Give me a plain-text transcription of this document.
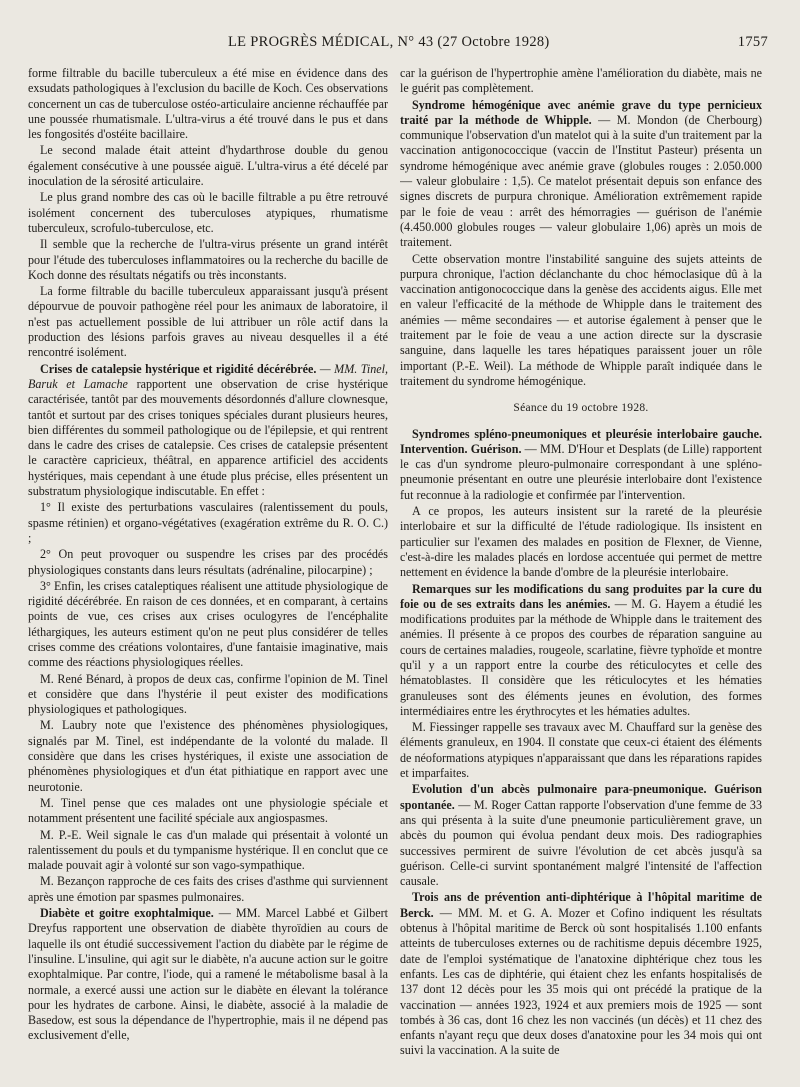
LE PROGRÈS MÉDICAL, N° 43 (27 Octobre 1928)	1757

forme filtrable du bacille tuberculeux a été mise en évidence dans des exsudats pathologiques à l'exclusion du bacille de Koch. Ces observations concernent un cas de tuberculose ostéo-articulaire ancienne réchauffée par une poussée rhumatismale. L'ultra-virus a été trouvé dans le pus et dans les fongosités d'ostéite bacillaire.

Le second malade était atteint d'hydarthrose double du genou également consécutive à une poussée aiguë. L'ultra-virus a été décelé par inoculation de la sérosité articulaire.

Le plus grand nombre des cas où le bacille filtrable a pu être retrouvé isolément concernent des tuberculoses atypiques, rhumatisme tuberculeux, scrofulo-tuberculose, etc.

Il semble que la recherche de l'ultra-virus présente un grand intérêt pour l'étude des tuberculoses inflammatoires ou la recherche du bacille de Koch donne des résultats négatifs ou très inconstants.

La forme filtrable du bacille tuberculeux apparaissant jusqu'à présent dépourvue de pouvoir pathogène réel pour les animaux de laboratoire, il n'est pas actuellement possible de lui attribuer un rôle actif dans la production des lésions parfois graves au niveau desquelles il a été rencontré isolément.

Crises de catalepsie hystérique et rigidité décérébrée. — MM. Tinel, Baruk et Lamache rapportent une observation de crise hystérique caractérisée, tantôt par des mouvements désordonnés d'allure clownesque, tantôt et surtout par des crises toniques spéciales durant plusieurs heures, bien différentes du sommeil pathologique ou de l'épilepsie, et qui rentrent dans le cadre des crises de catalepsie. Ces crises de catalepsie présentent le caractère capricieux, théâtral, en apparence artificiel des accidents hystériques, mais cependant à une étude plus précise, elles présentent un substratum physiologique indiscutable. En effet :

1° Il existe des perturbations vasculaires (ralentissement du pouls, spasme rétinien) et organo-végétatives (exagération extrême du R. O. C.) ;

2° On peut provoquer ou suspendre les crises par des procédés physiologiques constants dans leurs résultats (adrénaline, pilocarpine) ;

3° Enfin, les crises cataleptiques réalisent une attitude physiologique de rigidité décérébrée. En raison de ces données, et en comparant, à certains points de vue, ces crises aux crises oculogyres de l'encéphalite léthargiques, les auteurs estiment qu'on ne peut plus considérer de telles crises comme des créations volontaires, d'une fantaisie imaginative, mais comme des réactions physiologiques réelles.

M. René Bénard, à propos de deux cas, confirme l'opinion de M. Tinel et considère que dans l'hystérie il peut exister des modifications physiologiques et pathologiques.

M. Laubry note que l'existence des phénomènes physiologiques, signalés par M. Tinel, est indépendante de la volonté du malade. Il considère que dans les crises hystériques, il existe une association de phénomènes physiologiques et d'un état pithiatique en rapport avec une neurotonie.

M. Tinel pense que ces malades ont une physiologie spéciale et notamment présentent une facilité spéciale aux angiospasmes.

M. P.-E. Weil signale le cas d'un malade qui présentait à volonté un ralentissement du pouls et du tympanisme hystérique. Il en conclut que ce malade pouvait agir à volonté sur son vago-sympathique.

M. Bezançon rapproche de ces faits des crises d'asthme qui surviennent après une émotion par spasmes pulmonaires.

Diabète et goitre exophtalmique. — MM. Marcel Labbé et Gilbert Dreyfus rapportent une observation de diabète thyroïdien au cours de laquelle ils ont étudié successivement l'action du diabète par le régime de l'insuline. L'insuline, qui agit sur le diabète, n'a aucune action sur le goitre exophtalmique. Par contre, l'iode, qui a ramené le métabolisme basal à la normale, a exercé aussi une action sur le diabète en élevant la tolérance pour les hydrates de carbone. Ainsi, le diabète, associé à la maladie de Basedow, est sous la dépendance de l'hypertrophie, mais il ne dépend pas exclusivement d'elle,

car la guérison de l'hypertrophie amène l'amélioration du diabète, mais ne le guérit pas complètement.

Syndrome hémogénique avec anémie grave du type pernicieux traité par la méthode de Whipple. — M. Mondon (de Cherbourg) communique l'observation d'un matelot qui à la suite d'un traitement par la vaccination antigonococcique (vaccin de l'Institut Pasteur) présenta un syndrome hémogénique avec anémie grave (globules rouges : 2.050.000 — valeur globulaire : 1,5). Ce matelot présentait depuis son enfance des signes discrets de purpura chronique. Amélioration extrêmement rapide par le foie de veau : arrêt des hémorragies — guérison de l'anémie (4.450.000 globules rouges — valeur globulaire 1,06) après un mois de traitement.

Cette observation montre l'instabilité sanguine des sujets atteints de purpura chronique, l'action déclanchante du choc hémoclasique dû à la vaccination antigonococcique dans la genèse des accidents aigus. Elle met en valeur l'efficacité de la méthode de Whipple dans le traitement des anémies — même secondaires — et autorise également à penser que le traitement par le foie de veau a une action directe sur la dyscrasie sanguine, dans laquelle les tares hépatiques paraissent jouer un rôle important (P.-E. Weil). La méthode de Whipple paraît indiquée dans le traitement du syndrome hémogénique.

Séance du 19 octobre 1928.

Syndromes spléno-pneumoniques et pleurésie interlobaire gauche. Intervention. Guérison. — MM. D'Hour et Desplats (de Lille) rapportent le cas d'un syndrome pleuro-pulmonaire correspondant à une spléno-pneumonie présentant en outre une pleurésie interlobaire dont l'existence fut reconnue à la radiologie et confirmée par l'intervention.

A ce propos, les auteurs insistent sur la rareté de la pleurésie interlobaire et sur la difficulté de l'étude radiologique. Ils insistent en particulier sur l'examen des malades en position de Flexner, de Vienne, c'est-à-dire les malades placés en lordose accentuée qui permet de mettre nettement en évidence la bande d'ombre de la pleurésie interlobaire.

Remarques sur les modifications du sang produites par la cure du foie ou de ses extraits dans les anémies. — M. G. Hayem a étudié les modifications produites par la méthode de Whipple dans le traitement des anémies. Il présente à ce propos des courbes de réparation sanguine au cours de certaines maladies, rougeole, scarlatine, fièvre typhoïde et montre qu'il y a un rapport entre la courbe des réticulocytes et celle des hématoblastes. Il considère que les réticulocytes et les hématies granuleuses sont des éléments jeunes en évolution, des formes intermédiaires entre les érythrocytes et les hématies adultes.

M. Fiessinger rappelle ses travaux avec M. Chauffard sur la genèse des éléments granuleux, en 1904. Il constate que ceux-ci étaient des éléments de néoformations atypiques n'apparaissant que dans les réparations rapides et imparfaites.

Evolution d'un abcès pulmonaire para-pneumonique. Guérison spontanée. — M. Roger Cattan rapporte l'observation d'une femme de 33 ans qui présenta à la suite d'une pneumonie particulièrement grave, un abcès du poumon qui évolua pendant deux mois. Des radiographies successives permirent de suivre l'évolution de cet abcès jusqu'à sa guérison. Celle-ci survint spontanément malgré l'intensité de l'affection causale.

Trois ans de prévention anti-diphtérique à l'hôpital maritime de Berck. — MM. M. et G. A. Mozer et Cofino indiquent les résultats obtenus à l'hôpital maritime de Berck où sont hospitalisés 1.100 enfants atteints de tuberculoses externes ou de rachitisme depuis décembre 1925, date de l'emploi systématique de l'anatoxine diphtérique chez tous les enfants. Les cas de diphtérie, qui étaient chez les enfants hospitalisés de 137 dont 12 décès pour les 35 mois qui ont précédé la pratique de la vaccination — années 1923, 1924 et aux premiers mois de 1925 — sont tombés à 36 cas, dont 16 chez les non vaccinés (un décès) et 11 chez des enfants n'ayant reçu que deux doses d'anatoxine pour les 34 mois qui ont suivi la vaccination. A la suite de
